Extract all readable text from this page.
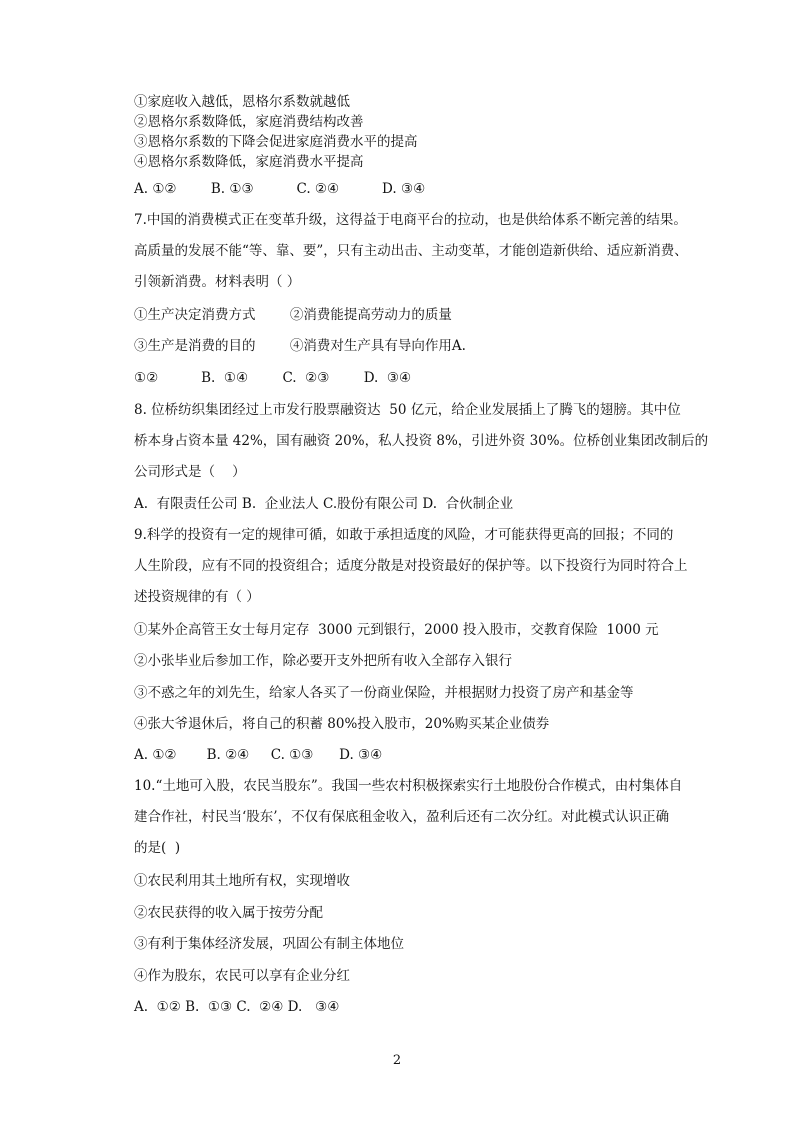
①家庭收入越低，恩格尔系数就越低
②恩格尔系数降低，家庭消费结构改善
③恩格尔系数的下降会促进家庭消费水平的提高
④恩格尔系数降低，家庭消费水平提高
A. ①②        B. ①③          C. ②④          D. ③④
7.中国的消费模式正在变革升级，这得益于电商平台的拉动，也是供给体系不断完善的结果。
高质量的发展不能“等、靠、要”，只有主动出击、主动变革，才能创造新供给、适应新消费、
引领新消费。材料表明（ ）
①生产决定消费方式        ②消费能提高劳动力的质量
③生产是消费的目的        ④消费对生产具有导向作用A.
①②          B.  ①④        C.  ②③        D.  ③④
8. 位桥纺织集团经过上市发行股票融资达  50 亿元，给企业发展插上了腾飞的翅膀。其中位
桥本身占资本量 42%，国有融资 20%，私人投资 8%，引进外资 30%。位桥创业集团改制后的
公司形式是（    ）
A.  有限责任公司 B.  企业法人 C.股份有限公司 D.  合伙制企业
9.科学的投资有一定的规律可循，如敢于承担适度的风险，才可能获得更高的回报；不同的
人生阶段，应有不同的投资组合；适度分散是对投资最好的保护等。以下投资行为同时符合上
述投资规律的有（ ）
①某外企高管王女士每月定存  3000 元到银行，2000 投入股市，交教育保险  1000 元
②小张毕业后参加工作，除必要开支外把所有收入全部存入银行
③不惑之年的刘先生，给家人各买了一份商业保险，并根据财力投资了房产和基金等
④张大爷退休后，将自己的积蓄 80%投入股市，20%购买某企业债券
A. ①②       B. ②④     C. ①③      D. ③④
10.“土地可入股，农民当股东”。我国一些农村积极探索实行土地股份合作模式，由村集体自
建合作社，村民当‘股东’，不仅有保底租金收入，盈利后还有二次分红。对此模式认识正确
的是(  )
①农民利用其土地所有权，实现增收
②农民获得的收入属于按劳分配
③有利于集体经济发展，巩固公有制主体地位
④作为股东，农民可以享有企业分红
A.  ①② B.  ①③ C.  ②④ D.   ③④
2
